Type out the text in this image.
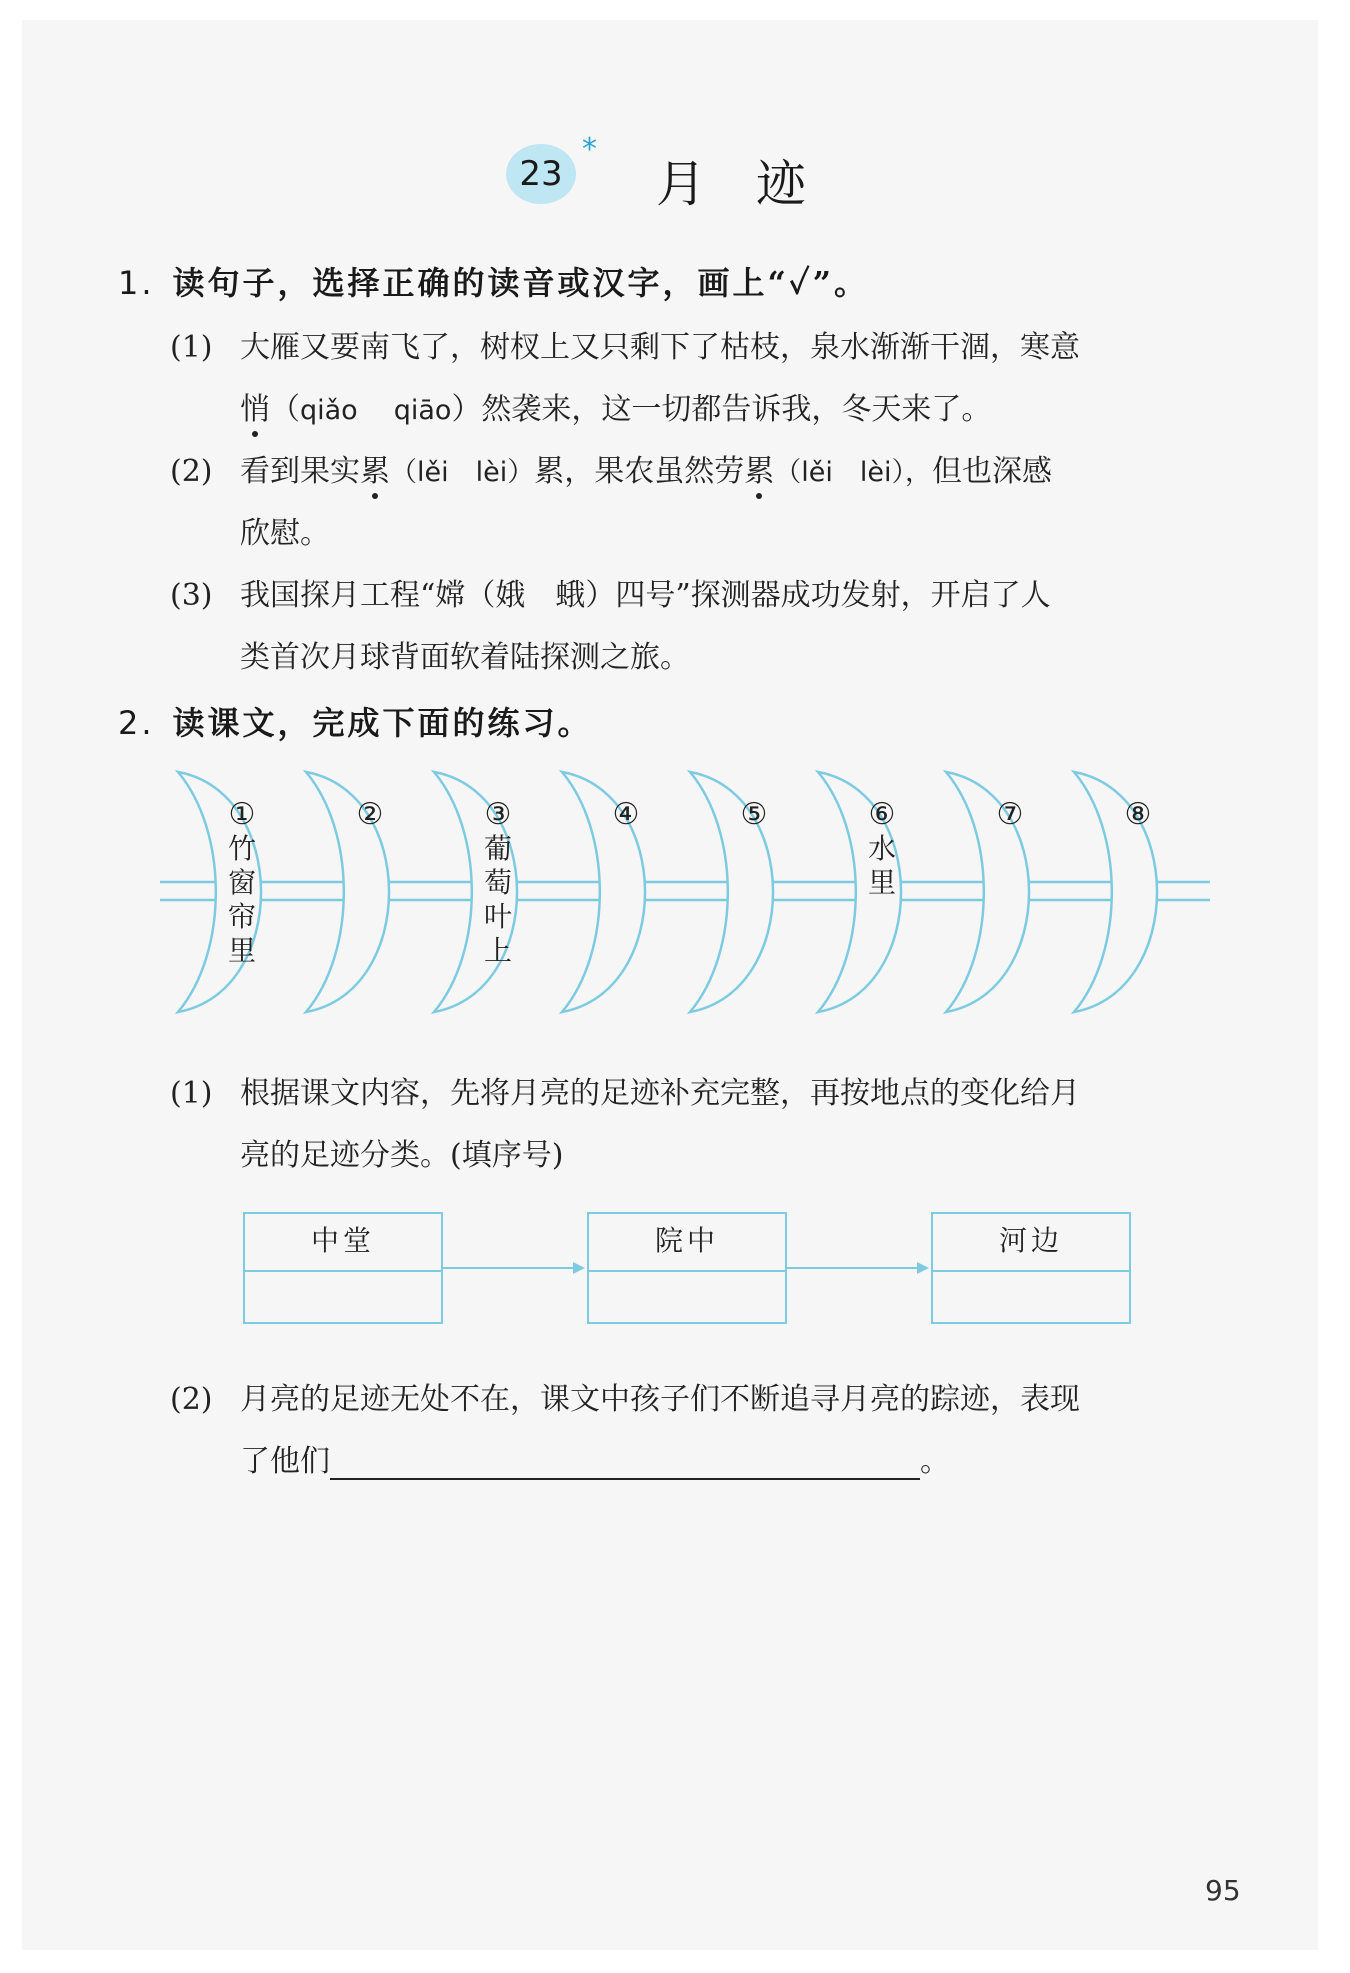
23
*
月迹
1. 读句子，选择正确的读音或汉字，画上“✓”。
(1) 大雁又要南飞了，树杈上又只剩下了枯枝，泉水渐渐干涸，寒意
悄（qiǎo qiāo）然袭来，这一切都告诉我，冬天来了。
(2) 看到果实累（lěi　lèi）累，果农虽然劳累（lěi　lèi），但也深感
欣慰。
(3) 我国探月工程“嫦（娥　蛾）四号”探测器成功发射，开启了人
类首次月球背面软着陆探测之旅。
2. 读课文，完成下面的练习。
①
竹
窗
帘
里
②	③
葡
萄
叶
上
④	⑤	⑥
水
里
⑦	⑧
(1) 根据课文内容，先将月亮的足迹补充完整，再按地点的变化给月
亮的足迹分类。(填序号)
中堂	院中	河边
(2) 月亮的足迹无处不在，课文中孩子们不断追寻月亮的踪迹，表现
了他们	。
95
